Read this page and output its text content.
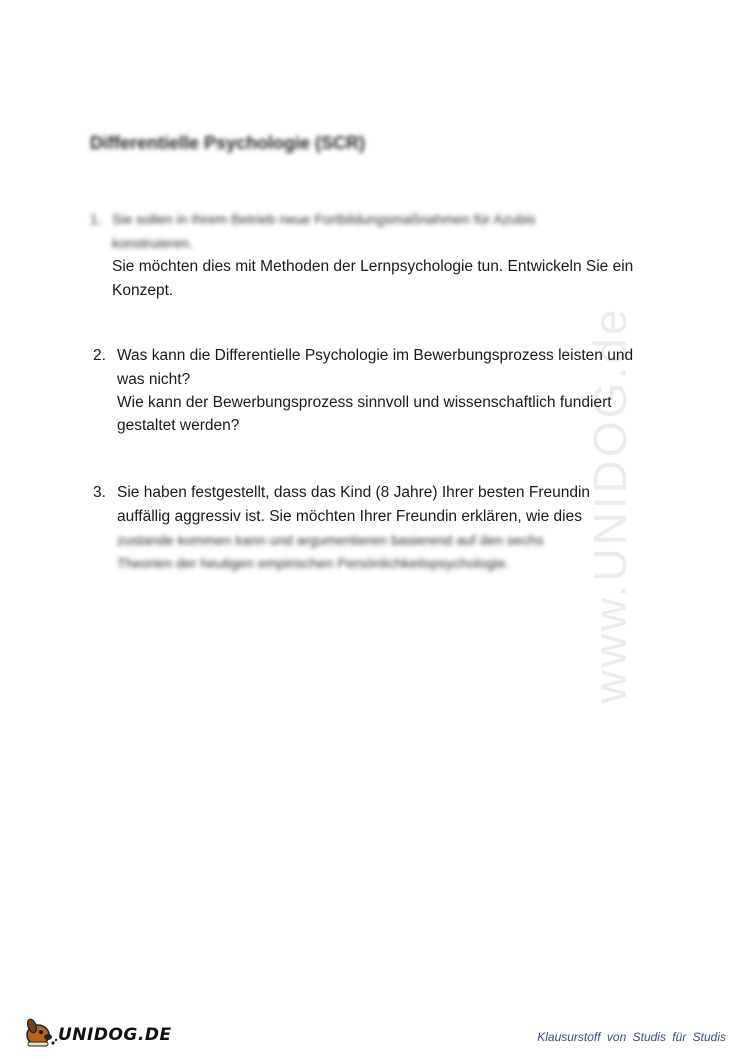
www.UNIDOG.de
Differentielle Psychologie (SCR)
1. Sie sollen in Ihrem Betrieb neue Fortbildungsmaßnahmen für Azubis
konstruieren.
Sie möchten dies mit Methoden der Lernpsychologie tun. Entwickeln Sie ein
Konzept.
2. Was kann die Differentielle Psychologie im Bewerbungsprozess leisten und
was nicht?
Wie kann der Bewerbungsprozess sinnvoll und wissenschaftlich fundiert
gestaltet werden?
3. Sie haben festgestellt, dass das Kind (8 Jahre) Ihrer besten Freundin
auffällig aggressiv ist. Sie möchten Ihrer Freundin erklären, wie dies
zustande kommen kann und argumentieren basierend auf den sechs
Theorien der heutigen empirischen Persönlichkeitspsychologie.
UNIDOG.DE	Klausurstoff von Studis für Studis
